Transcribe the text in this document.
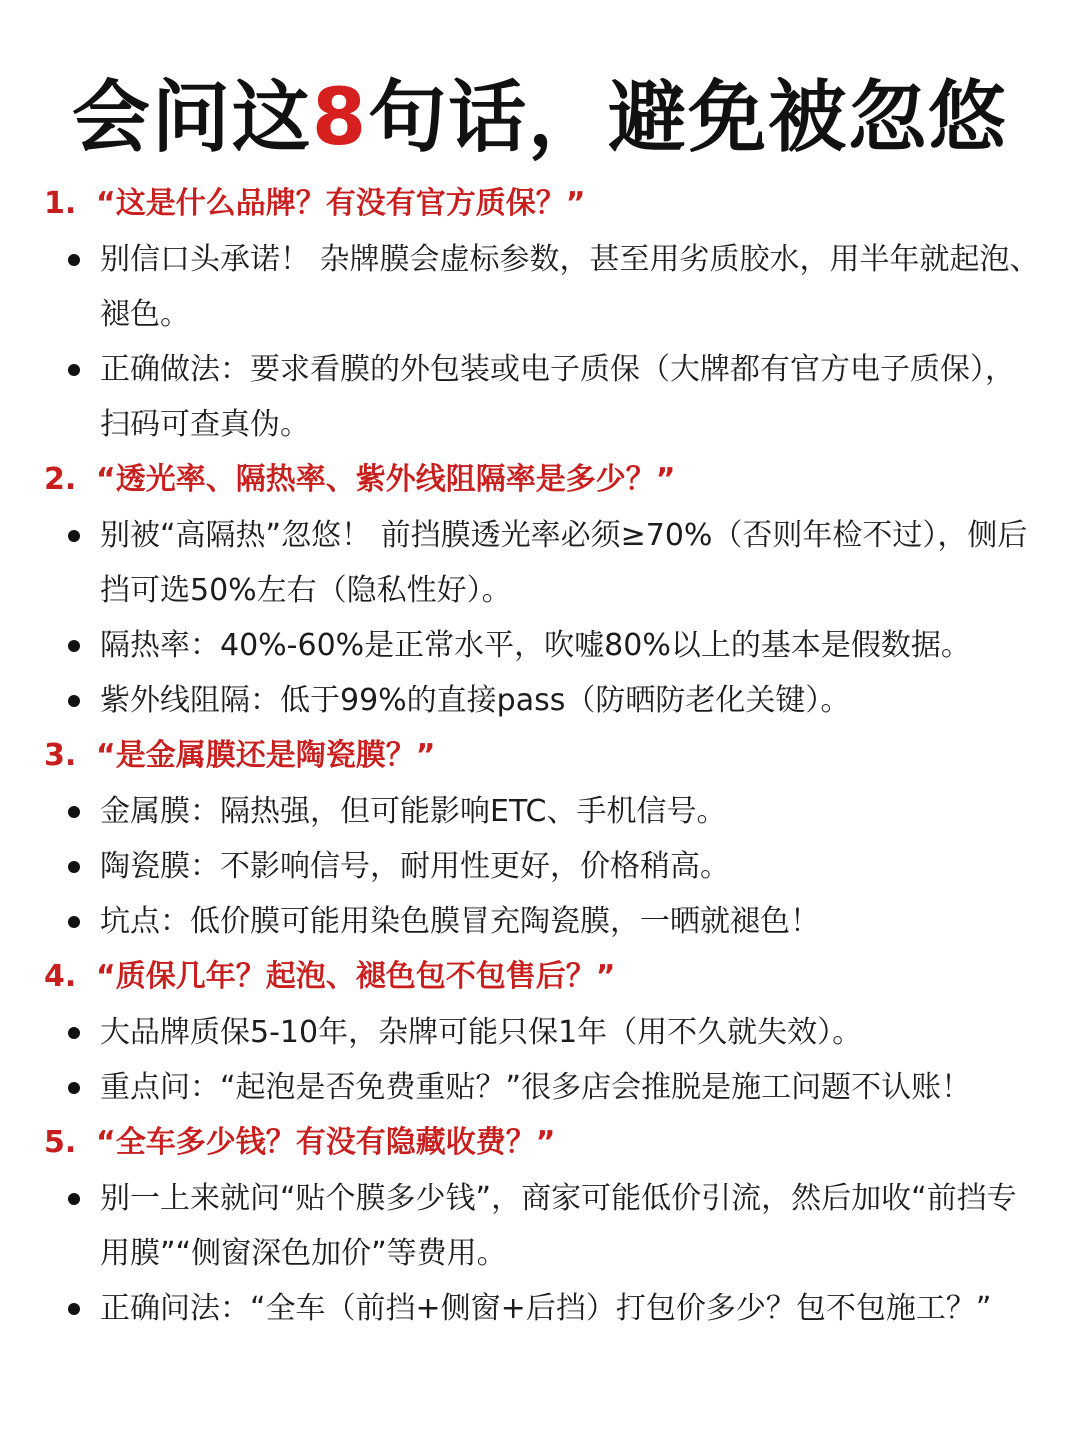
会问这8句话，避免被忽悠
1. “这是什么品牌？有没有官方质保？”
别信口头承诺！ 杂牌膜会虚标参数，甚至用劣质胶水，用半年就起泡、褪色。
正确做法：要求看膜的外包装或电子质保（大牌都有官方电子质保），扫码可查真伪。
2. “透光率、隔热率、紫外线阻隔率是多少？”
别被“高隔热”忽悠！ 前挡膜透光率必须≥70%（否则年检不过），侧后挡可选50%左右（隐私性好）。
隔热率：40%-60%是正常水平，吹嘘80%以上的基本是假数据。
紫外线阻隔：低于99%的直接pass（防晒防老化关键）。
3. “是金属膜还是陶瓷膜？”
金属膜：隔热强，但可能影响ETC、手机信号。
陶瓷膜：不影响信号，耐用性更好，价格稍高。
坑点：低价膜可能用染色膜冒充陶瓷膜，一晒就褪色！
4. “质保几年？起泡、褪色包不包售后？”
大品牌质保5-10年，杂牌可能只保1年（用不久就失效）。
重点问：“起泡是否免费重贴？”很多店会推脱是施工问题不认账！
5. “全车多少钱？有没有隐藏收费？”
别一上来就问“贴个膜多少钱”，商家可能低价引流，然后加收“前挡专用膜”“侧窗深色加价”等费用。
正确问法：“全车（前挡+侧窗+后挡）打包价多少？包不包施工？”
